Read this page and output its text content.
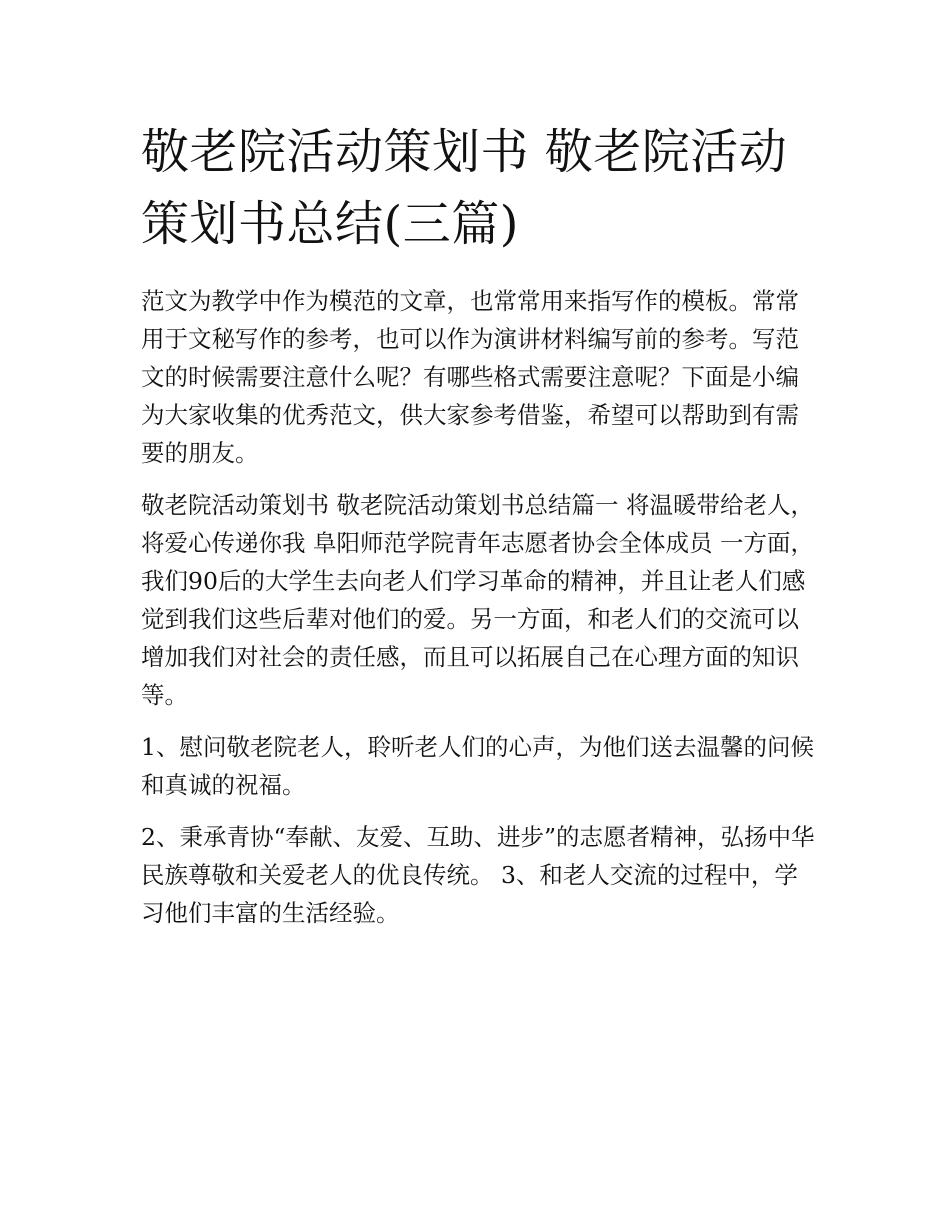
敬老院活动策划书 敬老院活动策划书总结(三篇)

范文为教学中作为模范的文章，也常常用来指写作的模板。常常用于文秘写作的参考，也可以作为演讲材料编写前的参考。写范文的时候需要注意什么呢？有哪些格式需要注意呢？下面是小编为大家收集的优秀范文，供大家参考借鉴，希望可以帮助到有需要的朋友。

敬老院活动策划书 敬老院活动策划书总结篇一 将温暖带给老人，将爱心传递你我 阜阳师范学院青年志愿者协会全体成员 一方面，我们90后的大学生去向老人们学习革命的精神，并且让老人们感觉到我们这些后辈对他们的爱。另一方面，和老人们的交流可以增加我们对社会的责任感，而且可以拓展自己在心理方面的知识等。

1、慰问敬老院老人，聆听老人们的心声，为他们送去温馨的问候和真诚的祝福。

2、秉承青协“奉献、友爱、互助、进步”的志愿者精神，弘扬中华民族尊敬和关爱老人的优良传统。 3、和老人交流的过程中，学习他们丰富的生活经验。
